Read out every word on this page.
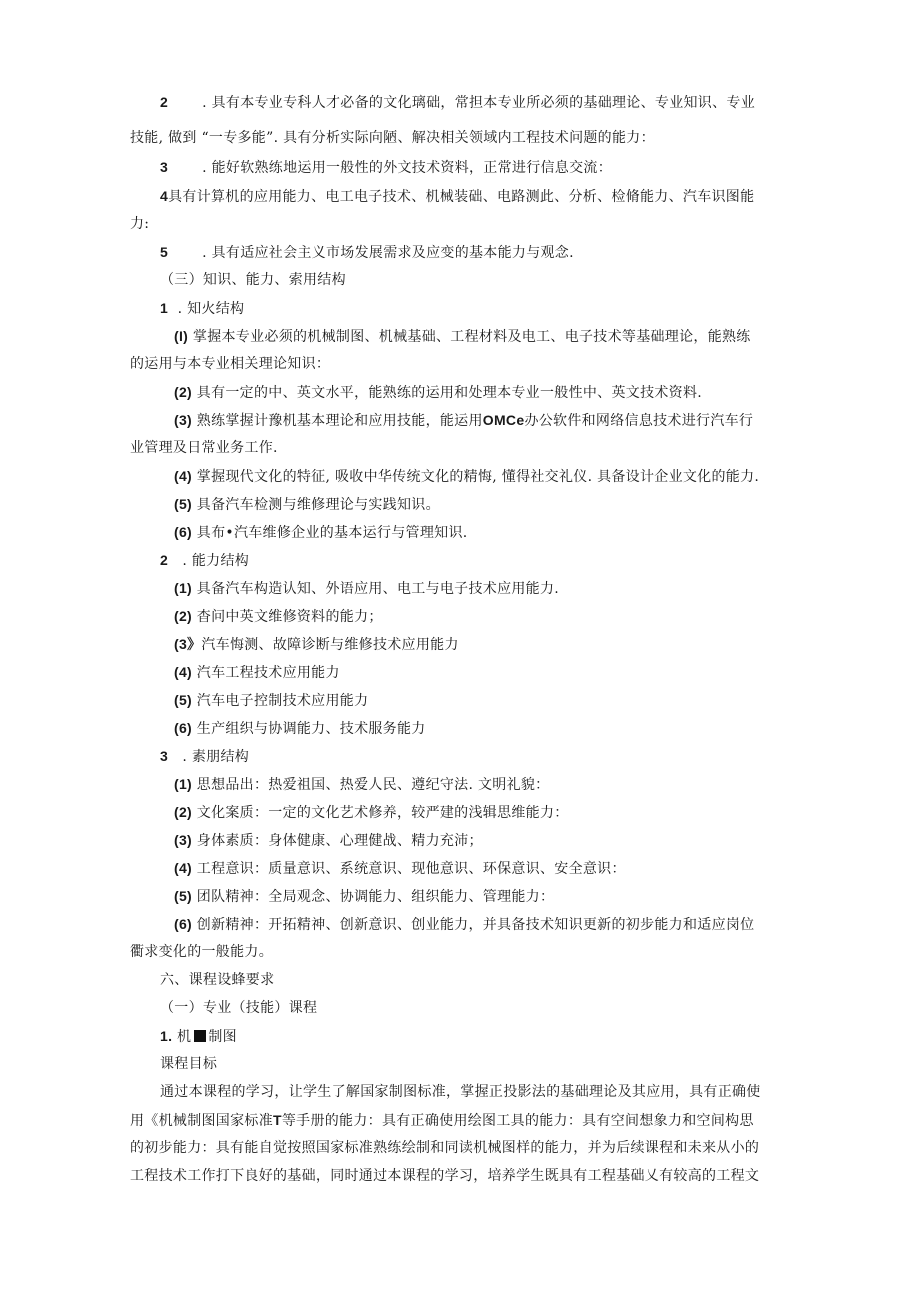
2 . 具有本专业专科人才必备的文化璃础，常担本专业所必须的基础理论、专业知识、专业
技能, 做到 “一专多能”. 具有分析实际向陋、解决相关领域内工程技术问题的能力：
3 . 能好软熟练地运用一般性的外文技术资料，正常进行信息交流：
4具有计算机的应用能力、电工电子技术、机械装础、电路测此、分析、检脩能力、汽车识图能
力:
5 . 具有适应社会主义市场发展需求及应变的基本能力与观念.
（三）知识、能力、索用结构
1 . 知火结构
(I) 掌握本专业必须的机械制图、机械基础、工程材料及电工、电子技术等基础理论，能熟练
的运用与本专业相关理论知识：
(2) 具有一定的中、英文水平，能熟练的运用和处理本专业一般性中、英文技术资料.
(3) 熟练掌握计豫机基本理论和应用技能，能运用OMCe办公软件和网络信息技术进行汽车行
业管理及日常业务工作.
(4) 掌握现代文化的特征, 吸收中华传统文化的精悔, 懂得社交礼仪. 具备设计企业文化的能力.
(5) 具备汽车检测与维修理论与实践知识。
(6) 具布•汽车维修企业的基本运行与管理知识.
2 . 能力结构
(1) 具备汽车构造认知、外语应用、电工与电子技术应用能力.
(2) 杳问中英文维修资料的能力；
(3》汽车悔测、故障诊断与维修技术应用能力
(4) 汽车工程技术应用能力
(5) 汽车电子控制技术应用能力
(6) 生产组织与协调能力、技术服务能力
3 . 素朋结构
(1) 思想品出：热爱祖国、热爱人民、遵纪守法. 文明礼貌：
(2) 文化案质：一定的文化艺术修养，较严建的浅辑思维能力：
(3) 身体素质：身体健康、心理健战、精力充沛；
(4) 工程意识：质量意识、系统意识、现他意识、环保意识、安全意识：
(5) 团队精神：全局观念、协调能力、组织能力、管理能力：
(6) 创新精神：开拓精神、创新意识、创业能力，并具备技术知识更新的初步能力和适应岗位
衢求变化的一般能力。
六、课程设蜂要求
（一）专业（技能）课程
1. 机 制图
课程目标
通过本课程的学习，让学生了解国家制图标准，掌握正投影法的基础理论及其应用，具有正确使
用《机械制图国家标准T等手册的能力：具有正确使用绘图工具的能力：具有空间想象力和空间构思
的初步能力：具有能自觉按照国家标准熟练绘制和同读机械图样的能力，并为后续课程和未来从小的
工程技术工作打下良好的基础，同时通过本课程的学习，培养学生既具有工程基础乂有较高的工程文
